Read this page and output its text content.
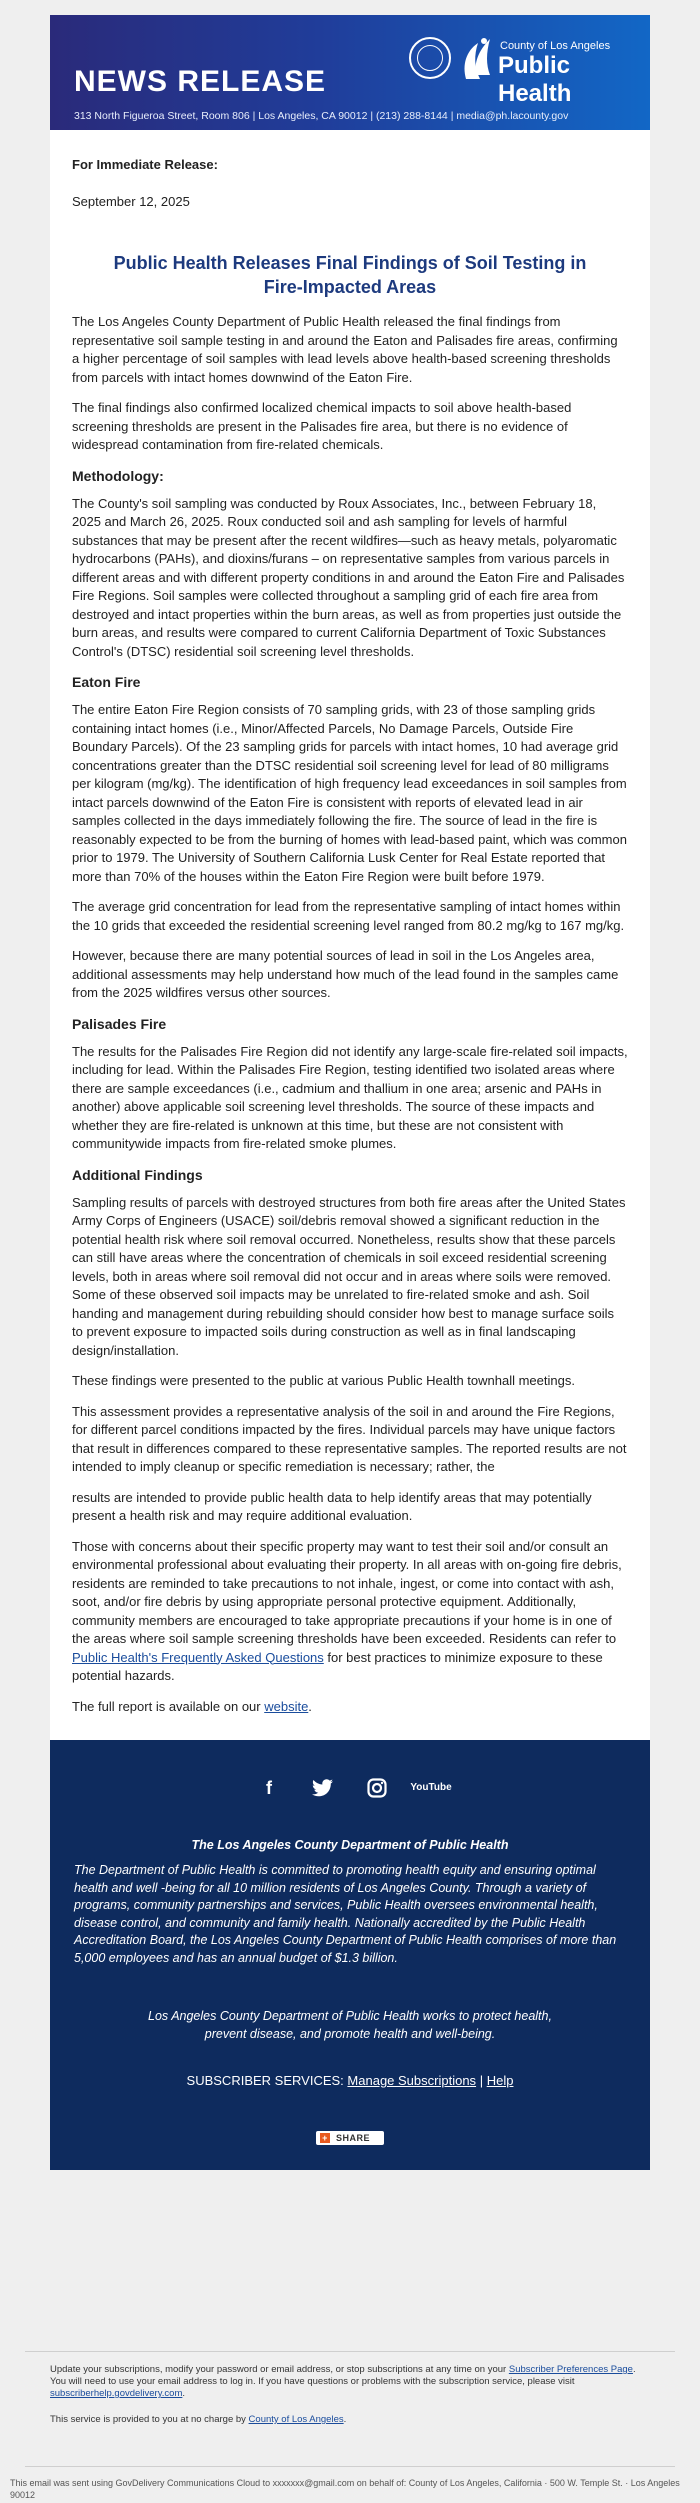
NEWS RELEASE
313 North Figueroa Street, Room 806 | Los Angeles, CA 90012 | (213) 288-8144 | media@ph.lacounty.gov
County of Los Angeles
Public Health

For Immediate Release:

September 12, 2025

Public Health Releases Final Findings of Soil Testing in Fire-Impacted Areas

The Los Angeles County Department of Public Health released the final findings from representative soil sample testing in and around the Eaton and Palisades fire areas, confirming a higher percentage of soil samples with lead levels above health-based screening thresholds from parcels with intact homes downwind of the Eaton Fire.

The final findings also confirmed localized chemical impacts to soil above health-based screening thresholds are present in the Palisades fire area, but there is no evidence of widespread contamination from fire-related chemicals.

Methodology:

The County's soil sampling was conducted by Roux Associates, Inc., between February 18, 2025 and March 26, 2025. Roux conducted soil and ash sampling for levels of harmful substances that may be present after the recent wildfires—such as heavy metals, polyaromatic hydrocarbons (PAHs), and dioxins/furans – on representative samples from various parcels in different areas and with different property conditions in and around the Eaton Fire and Palisades Fire Regions. Soil samples were collected throughout a sampling grid of each fire area from destroyed and intact properties within the burn areas, as well as from properties just outside the burn areas, and results were compared to current California Department of Toxic Substances Control's (DTSC) residential soil screening level thresholds.

Eaton Fire

The entire Eaton Fire Region consists of 70 sampling grids, with 23 of those sampling grids containing intact homes (i.e., Minor/Affected Parcels, No Damage Parcels, Outside Fire Boundary Parcels). Of the 23 sampling grids for parcels with intact homes, 10 had average grid concentrations greater than the DTSC residential soil screening level for lead of 80 milligrams per kilogram (mg/kg). The identification of high frequency lead exceedances in soil samples from intact parcels downwind of the Eaton Fire is consistent with reports of elevated lead in air samples collected in the days immediately following the fire. The source of lead in the fire is reasonably expected to be from the burning of homes with lead-based paint, which was common prior to 1979. The University of Southern California Lusk Center for Real Estate reported that more than 70% of the houses within the Eaton Fire Region were built before 1979.

The average grid concentration for lead from the representative sampling of intact homes within the 10 grids that exceeded the residential screening level ranged from 80.2 mg/kg to 167 mg/kg.

However, because there are many potential sources of lead in soil in the Los Angeles area, additional assessments may help understand how much of the lead found in the samples came from the 2025 wildfires versus other sources.

Palisades Fire

The results for the Palisades Fire Region did not identify any large-scale fire-related soil impacts, including for lead. Within the Palisades Fire Region, testing identified two isolated areas where there are sample exceedances (i.e., cadmium and thallium in one area; arsenic and PAHs in another) above applicable soil screening level thresholds. The source of these impacts and whether they are fire-related is unknown at this time, but these are not consistent with communitywide impacts from fire-related smoke plumes.

Additional Findings

Sampling results of parcels with destroyed structures from both fire areas after the United States Army Corps of Engineers (USACE) soil/debris removal showed a significant reduction in the potential health risk where soil removal occurred. Nonetheless, results show that these parcels can still have areas where the concentration of chemicals in soil exceed residential screening levels, both in areas where soil removal did not occur and in areas where soils were removed. Some of these observed soil impacts may be unrelated to fire-related smoke and ash. Soil handing and management during rebuilding should consider how best to manage surface soils to prevent exposure to impacted soils during construction as well as in final landscaping design/installation.

These findings were presented to the public at various Public Health townhall meetings.

This assessment provides a representative analysis of the soil in and around the Fire Regions, for different parcel conditions impacted by the fires. Individual parcels may have unique factors that result in differences compared to these representative samples. The reported results are not intended to imply cleanup or specific remediation is necessary; rather, the

results are intended to provide public health data to help identify areas that may potentially present a health risk and may require additional evaluation.

Those with concerns about their specific property may want to test their soil and/or consult an environmental professional about evaluating their property. In all areas with on-going fire debris, residents are reminded to take precautions to not inhale, ingest, or come into contact with ash, soot, and/or fire debris by using appropriate personal protective equipment. Additionally, community members are encouraged to take appropriate precautions if your home is in one of the areas where soil sample screening thresholds have been exceeded. Residents can refer to Public Health's Frequently Asked Questions for best practices to minimize exposure to these potential hazards.

The full report is available on our website.

f	You Tube
The Los Angeles County Department of Public Health

The Department of Public Health is committed to promoting health equity and ensuring optimal health and well -being for all 10 million residents of Los Angeles County. Through a variety of programs, community partnerships and services, Public Health oversees environmental health, disease control, and community and family health. Nationally accredited by the Public Health Accreditation Board, the Los Angeles County Department of Public Health comprises of more than 5,000 employees and has an annual budget of $1.3 billion.

Los Angeles County Department of Public Health works to protect health,
prevent disease, and promote health and well-being.

SUBSCRIBER SERVICES: Manage Subscriptions | Help
+ SHARE
Update your subscriptions, modify your password or email address, or stop subscriptions at any time on your Subscriber Preferences Page. You will need to use your email address to log in. If you have questions or problems with the subscription service, please visit subscriberhelp.govdelivery.com.
This service is provided to you at no charge by County of Los Angeles.
This email was sent using GovDelivery Communications Cloud to xxxxxxx@gmail.com on behalf of: County of Los Angeles, California · 500 W. Temple St. · Los Angeles 90012
